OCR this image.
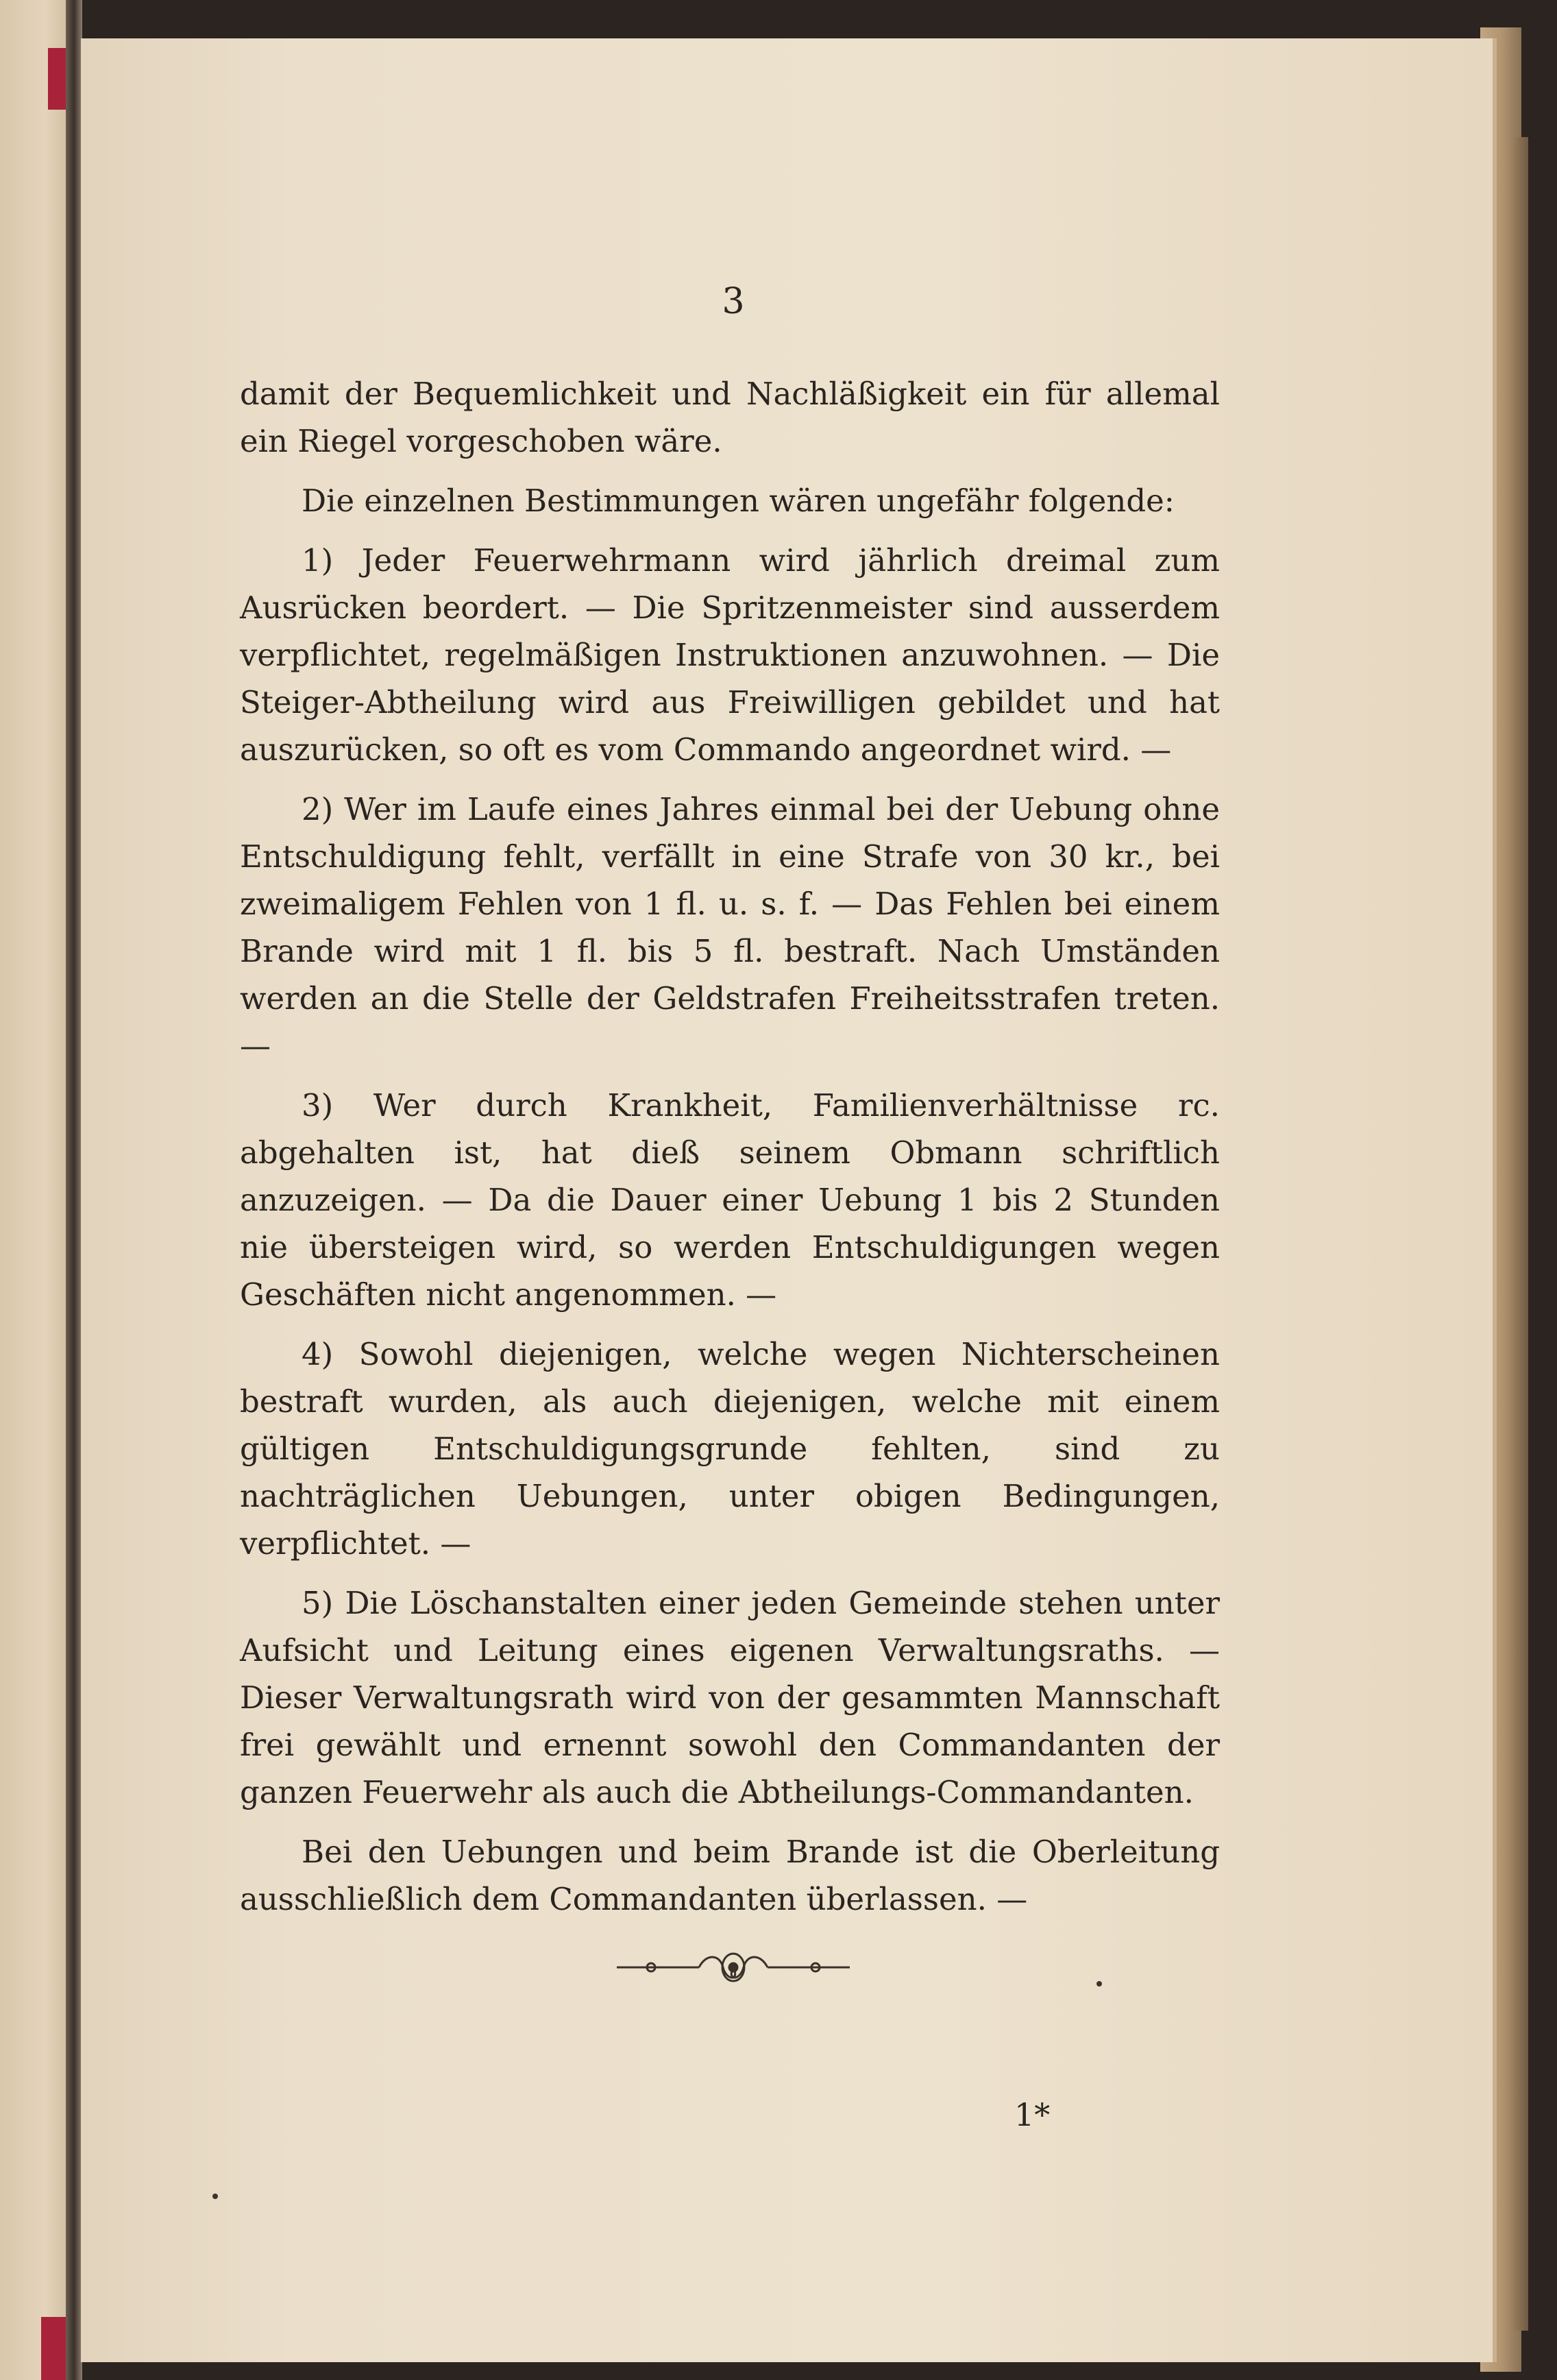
3

damit der Bequemlichkeit und Nachläßigkeit ein für allemal ein Riegel vorgeschoben wäre.

Die einzelnen Bestimmungen wären ungefähr folgende:

1) Jeder Feuerwehrmann wird jährlich dreimal zum Ausrücken beordert. — Die Spritzenmeister sind ausserdem verpflichtet, regelmäßigen Instruktionen anzuwohnen. — Die Steiger-Abtheilung wird aus Freiwilligen gebildet und hat auszurücken, so oft es vom Commando angeordnet wird. —

2) Wer im Laufe eines Jahres einmal bei der Uebung ohne Entschuldigung fehlt, verfällt in eine Strafe von 30 kr., bei zweimaligem Fehlen von 1 fl. u. s. f. — Das Fehlen bei einem Brande wird mit 1 fl. bis 5 fl. bestraft. Nach Umständen werden an die Stelle der Geldstrafen Freiheitsstrafen treten. —

3) Wer durch Krankheit, Familienverhältnisse rc. abgehalten ist, hat dieß seinem Obmann schriftlich anzuzeigen. — Da die Dauer einer Uebung 1 bis 2 Stunden nie übersteigen wird, so werden Entschuldigungen wegen Geschäften nicht angenommen. —

4) Sowohl diejenigen, welche wegen Nichterscheinen bestraft wurden, als auch diejenigen, welche mit einem gültigen Entschuldigungsgrunde fehlten, sind zu nachträglichen Uebungen, unter obigen Bedingungen, verpflichtet. —

5) Die Löschanstalten einer jeden Gemeinde stehen unter Aufsicht und Leitung eines eigenen Verwaltungsraths. — Dieser Verwaltungsrath wird von der gesammten Mannschaft frei gewählt und ernennt sowohl den Commandanten der ganzen Feuerwehr als auch die Abtheilungs-Commandanten.

Bei den Uebungen und beim Brande ist die Oberleitung ausschließlich dem Commandanten überlassen. —

1*
